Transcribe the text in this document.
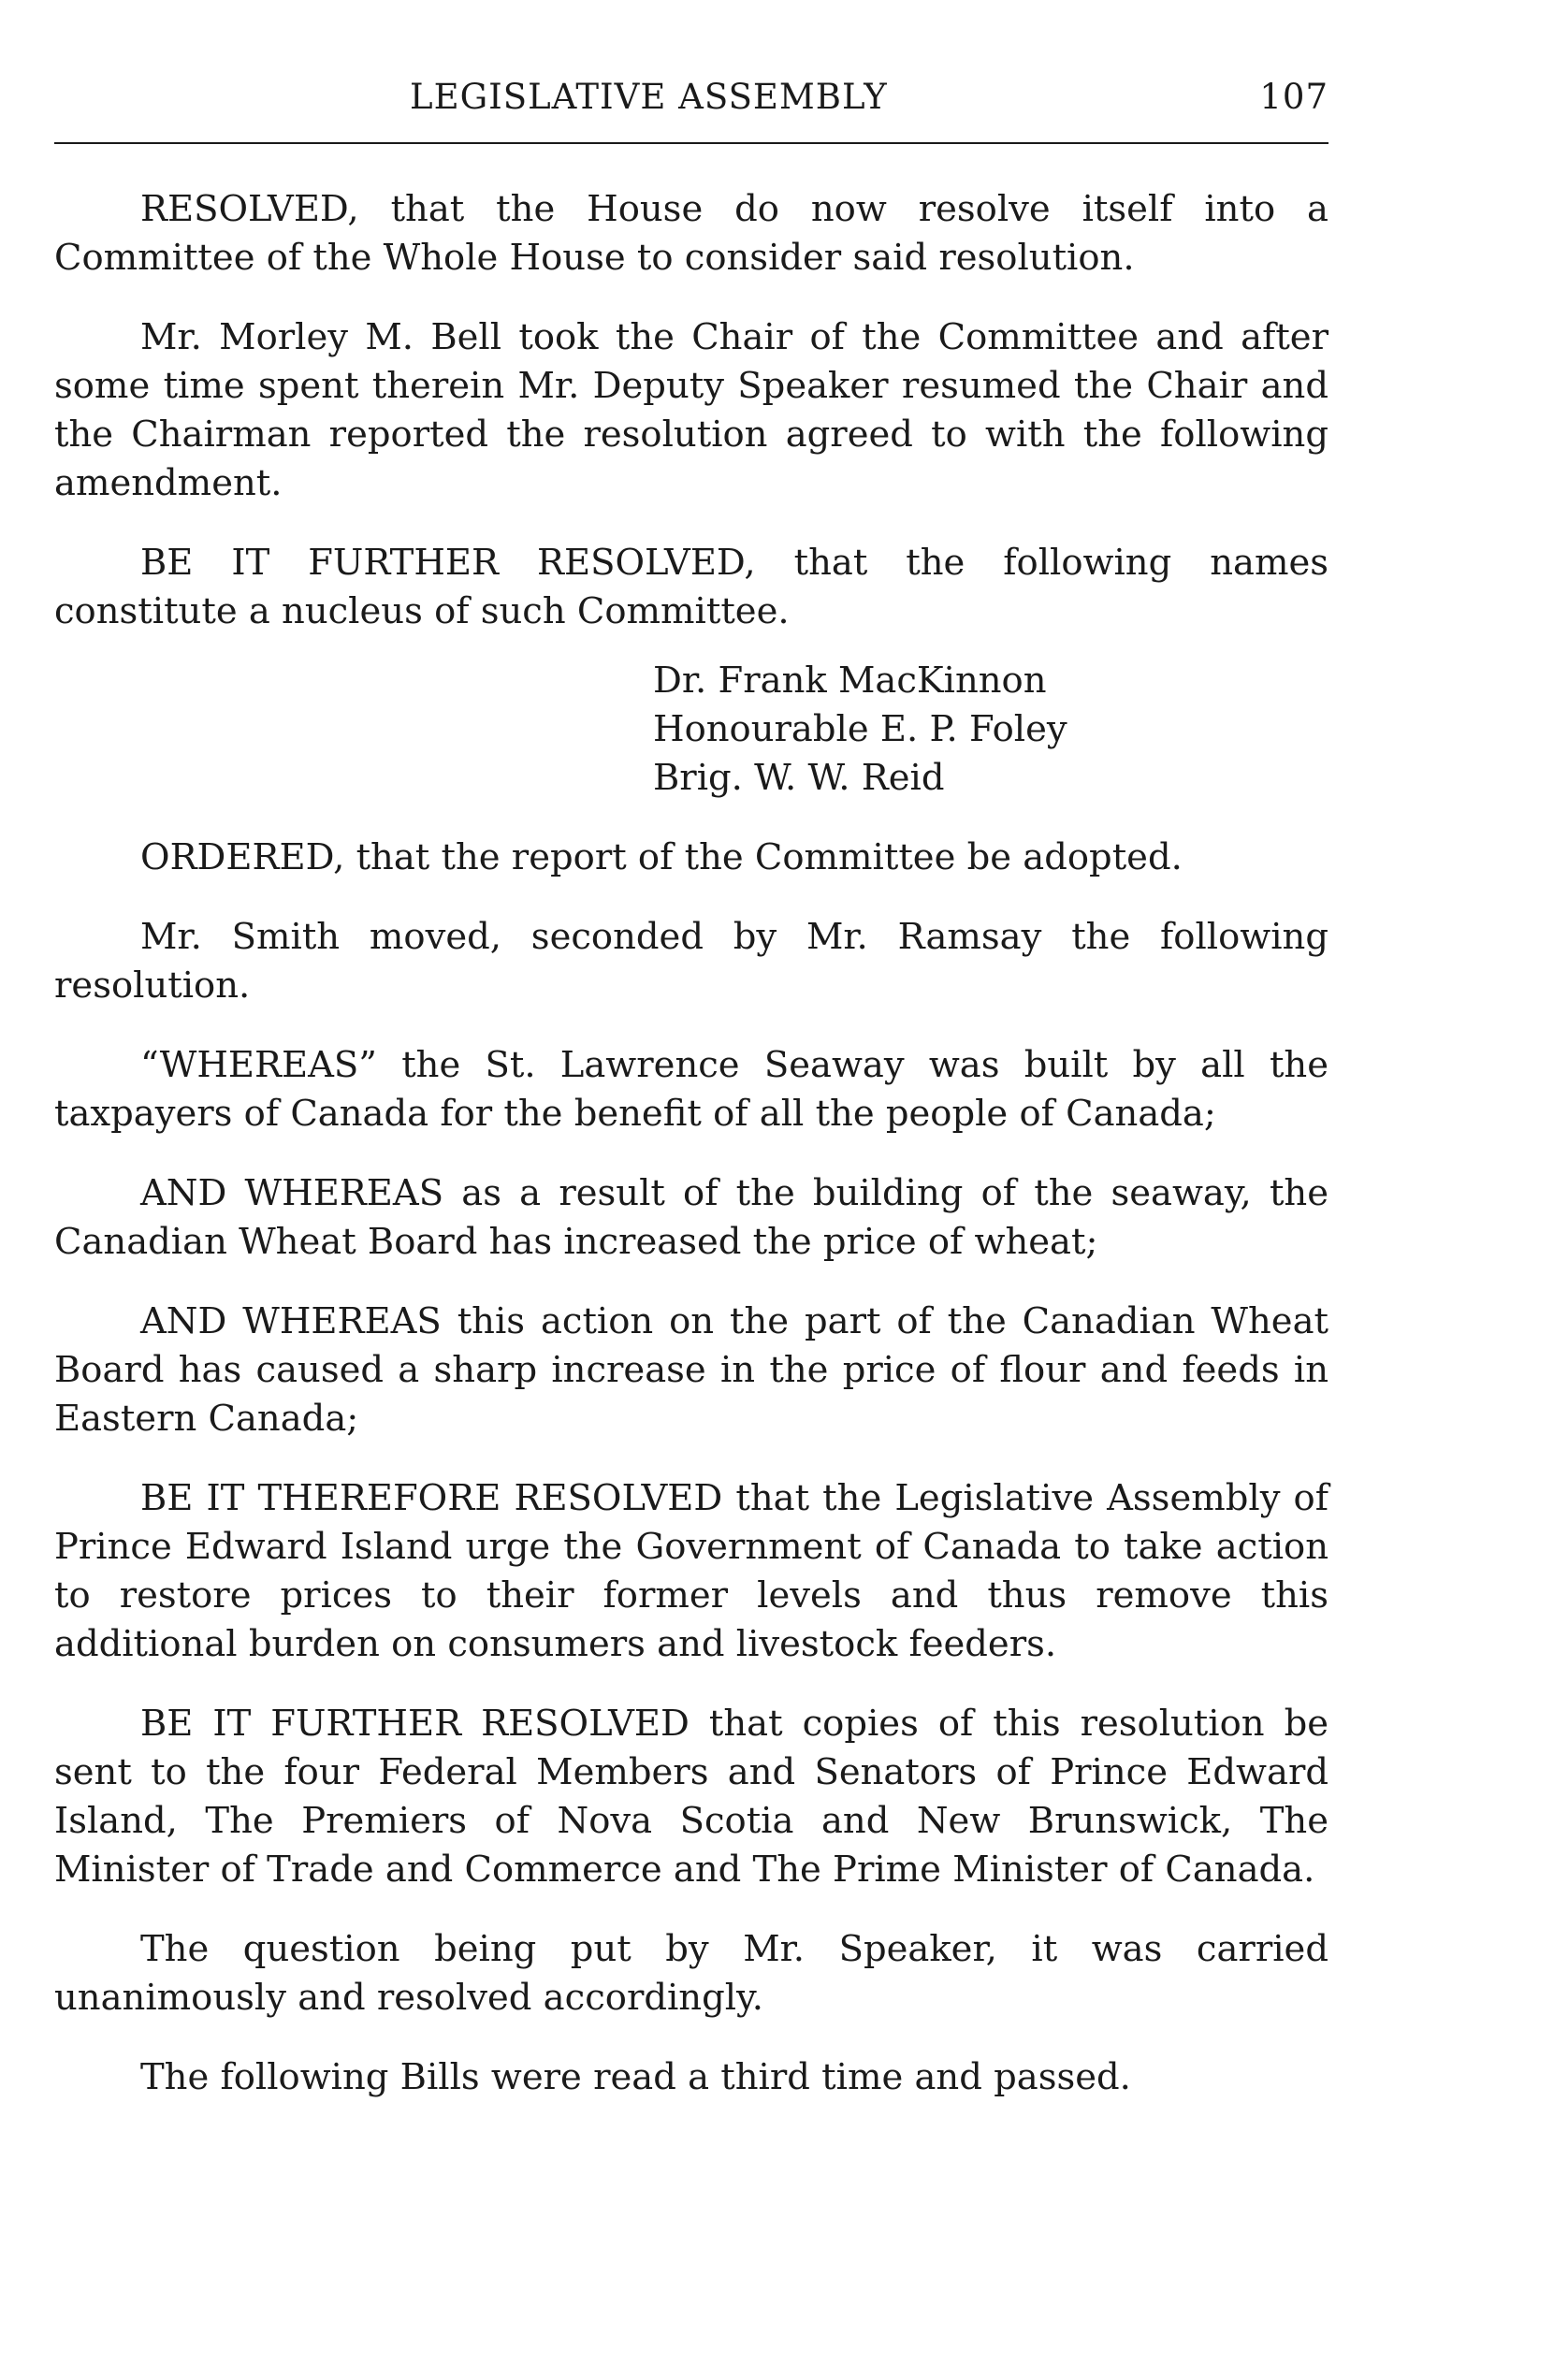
LEGISLATIVE ASSEMBLY	107

RESOLVED, that the House do now resolve itself into a Committee of the Whole House to consider said resolution.

Mr. Morley M. Bell took the Chair of the Committee and after some time spent therein Mr. Deputy Speaker resumed the Chair and the Chairman reported the resolution agreed to with the following amendment.

BE IT FURTHER RESOLVED, that the following names constitute a nucleus of such Committee.

Dr. Frank MacKinnon
Honourable E. P. Foley
Brig. W. W. Reid

ORDERED, that the report of the Committee be adopted.

Mr. Smith moved, seconded by Mr. Ramsay the following resolution.

“WHEREAS” the St. Lawrence Seaway was built by all the taxpayers of Canada for the benefit of all the people of Canada;

AND WHEREAS as a result of the building of the seaway, the Canadian Wheat Board has increased the price of wheat;

AND WHEREAS this action on the part of the Canadian Wheat Board has caused a sharp increase in the price of flour and feeds in Eastern Canada;

BE IT THEREFORE RESOLVED that the Legislative Assembly of Prince Edward Island urge the Government of Canada to take action to restore prices to their former levels and thus remove this additional burden on consumers and livestock feeders.

BE IT FURTHER RESOLVED that copies of this resolution be sent to the four Federal Members and Senators of Prince Edward Island, The Premiers of Nova Scotia and New Brunswick, The Minister of Trade and Commerce and The Prime Minister of Canada.

The question being put by Mr. Speaker, it was carried unanimously and resolved accordingly.

The following Bills were read a third time and passed.
